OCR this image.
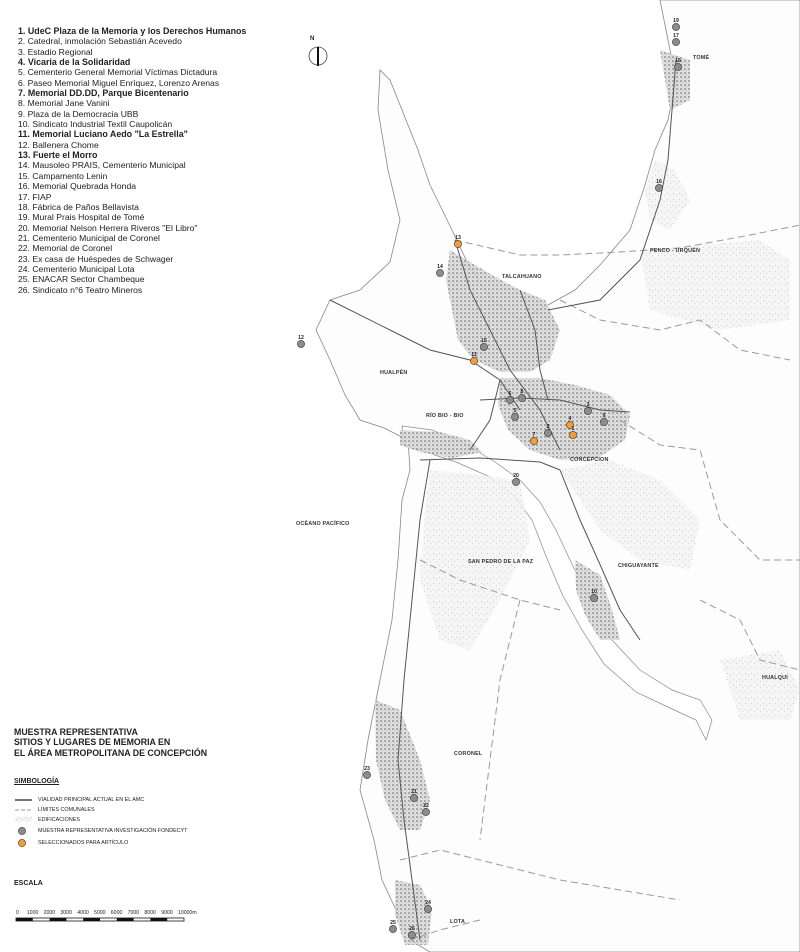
19
17
18
16
13
14
12	15
11
6 8
5
3
4	9
2	1
7
20
10
23
21
22
24
25
26
N
1. UdeC Plaza de la Memoria y los Derechos Humanos
2. Catedral, inmolación Sebastián Acevedo
3. Estadio Regional
4. Vicaria de la Solidaridad
5. Cementerio General Memorial Víctimas Dictadura
6. Paseo Memorial Miguel Enríquez, Lorenzo Arenas
7. Memorial DD.DD, Parque Bicentenario
8. Memorial Jane Vanini
9. Plaza de la Democracia UBB
10. Sindicato Industrial Textil Caupolicán
11. Memorial Luciano Aedo "La Estrella"
12. Ballenera Chome
13. Fuerte el Morro
14. Mausoleo PRAIS, Cementerio Municipal
15. Campamento Lenin
16. Memorial Quebrada Honda
17. FIAP
18. Fábrica de Paños Bellavista
19. Mural Prais Hospital de Tomé
20. Memorial Nelson Herrera Riveros "El Libro"
21. Cementerio Municipal de Coronel
22. Memorial de Coronel
23. Ex casa de Huéspedes de Schwager
24. Cementerio Municipal Lota
25. ENACAR Sector Chambeque
26. Sindicato n°6 Teatro Mineros
TOMÉ
PENCO - URQUÉN
TALCAHUANO
HUALPÉN
RÍO BIO - BIO
CONCEPCION
OCÉANO PACÍFICO
SAN PEDRO DE LA PAZ
CHIGUAYANTE
HUALQUI
CORONEL
LOTA
MUESTRA REPRESENTATIVA
SITIOS Y LUGARES DE MEMORIA EN
EL ÁREA METROPOLITANA DE CONCEPCIÓN
SIMBOLOGÍA
VIALIDAD PRINCIPAL ACTUAL EN EL AMC
LÍMITES COMUNALES
EDIFICACIONES
MUESTRA REPRESENTATIVA INVESTIGACIÓN FONDECYT
SELECCIONADOS PARA ARTÍCULO
ESCALA
0 1000 2000 3000 4000 5000 6000 7000 8000 9000 10000m
